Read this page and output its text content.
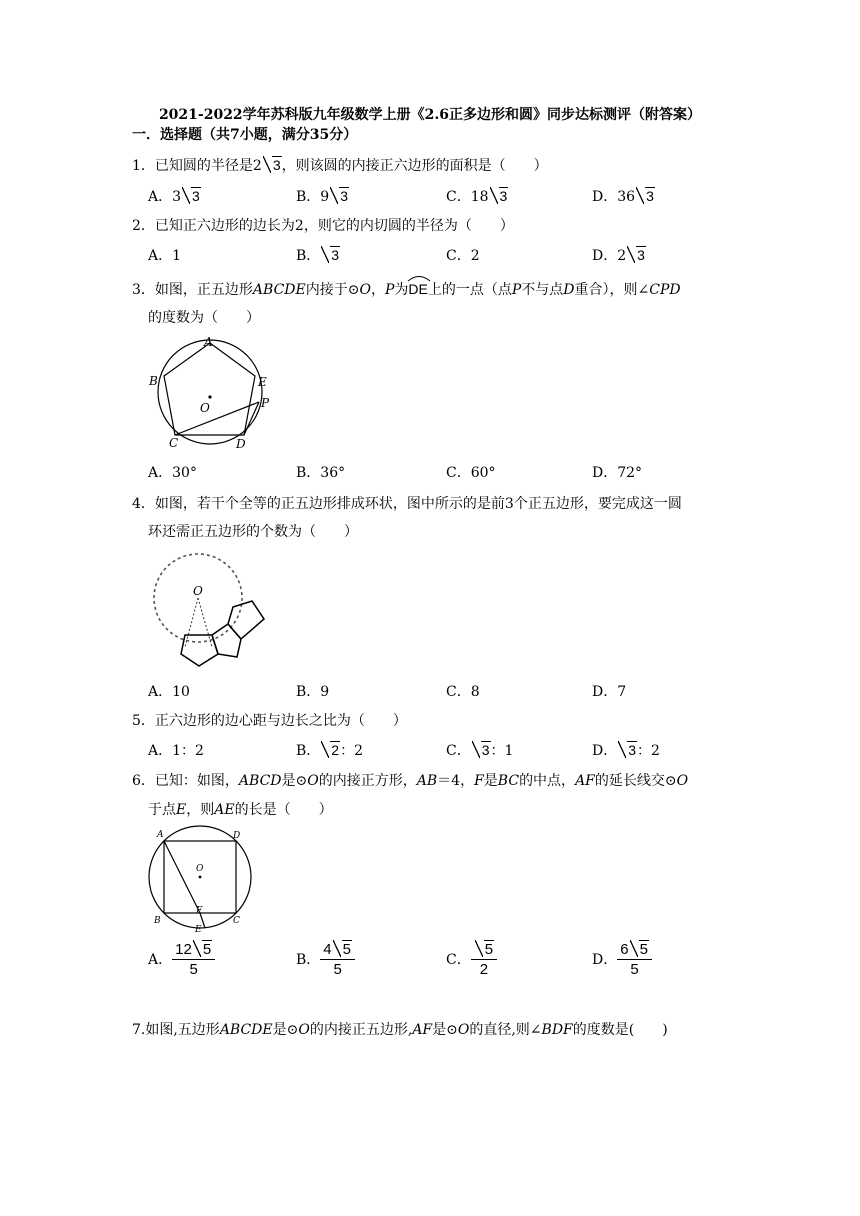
2021-2022学年苏科版九年级数学上册《2.6正多边形和圆》同步达标测评（附答案）
一．选择题（共7小题，满分35分）
1．已知圆的半径是2 3，则该圆的内接正六边形的面积是（　　）
A．3 3	B．9 3	C．18 3	D．36 3
2．已知正六边形的边长为2，则它的内切圆的半径为（　　）
A．1	B． 3	C．2	D．2 3
3．如图，正五边形ABCDE内接于⊙O，P为
DE上的一点（点P不与点D重合），则∠CPD
的度数为（　　）
A
B
C	D
E
O	P
A．30°	B．36°	C．60°	D．72°
4．如图，若干个全等的正五边形排成环状，图中所示的是前3个正五边形，要完成这一圆
环还需正五边形的个数为（　　）
O
A．10	B．9	C．8	D．7
5．正六边形的边心距与边长之比为（　　）
A．1：2	B． 2：2	C． 3：1	D． 3：2
6．已知：如图，ABCD是⊙O的内接正方形，AB＝4，F是BC的中点，AF的延长线交⊙O
于点E，则AE的长是（　　）
A	D
B	C
E
F
O
A． $\frac{12 5}{5}$	B． $\frac{4 5}{5}$	C． $\frac{5}{2}$	D． $\frac{6 5}{5}$
7.如图,五边形ABCDE是⊙O的内接正五边形,AF是⊙O的直径,则∠BDF的度数是(　　)
